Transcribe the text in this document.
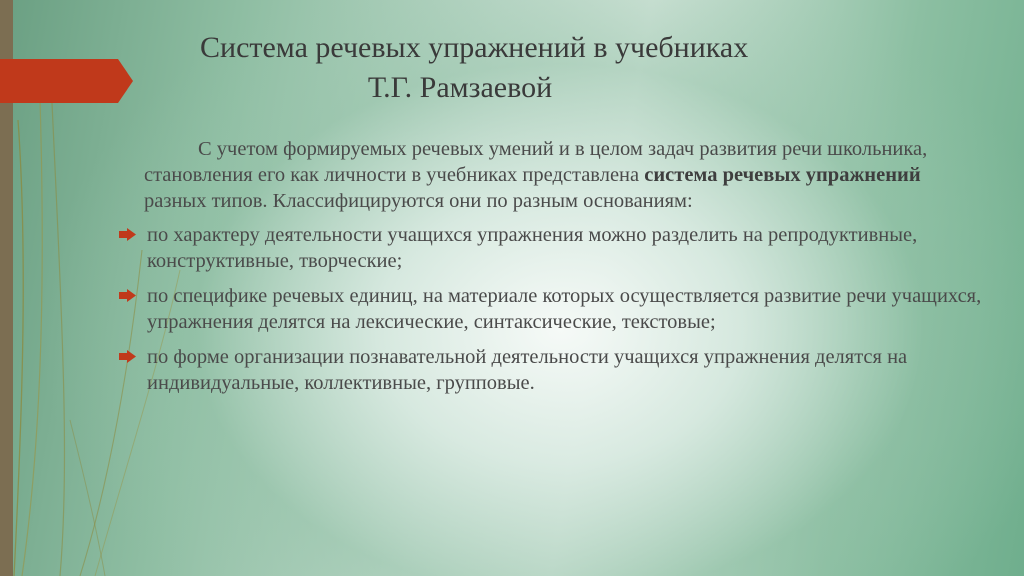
Система речевых упражнений в учебниках
Т.Г. Рамзаевой

С учетом формируемых речевых умений и в целом задач развития речи школьника, становления его как личности в учебниках представлена система речевых упражнений разных типов. Классифицируются они по разным основаниям:

по характеру деятельности учащихся упражнения можно разделить на репродуктивные, конструктивные, творческие;
по специфике речевых единиц, на материале которых осуществляется развитие речи учащихся, упражнения делятся на лексические, синтаксические, текстовые;
по форме организации познавательной деятельности учащихся упражнения делятся на индивидуальные, коллективные, групповые.
